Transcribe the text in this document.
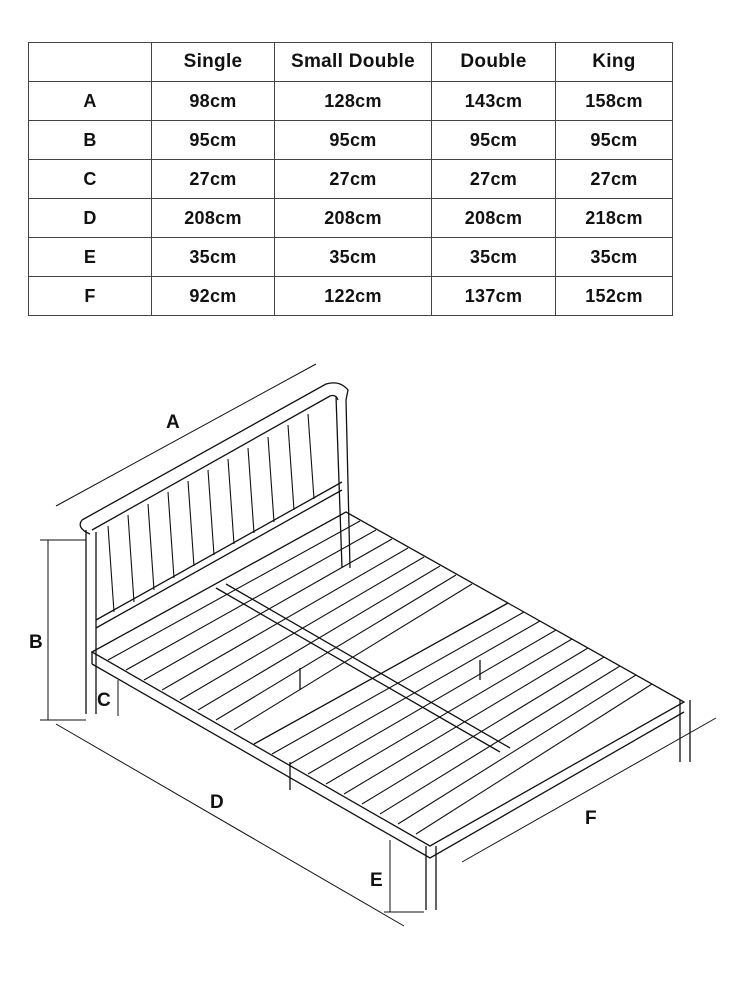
	Single	Small Double	Double	King
A	98cm	128cm	143cm	158cm
B	95cm	95cm	95cm	95cm
C	27cm	27cm	27cm	27cm
D	208cm	208cm	208cm	218cm
E	35cm	35cm	35cm	35cm
F	92cm	122cm	137cm	152cm
A
B
C
D
E
F
